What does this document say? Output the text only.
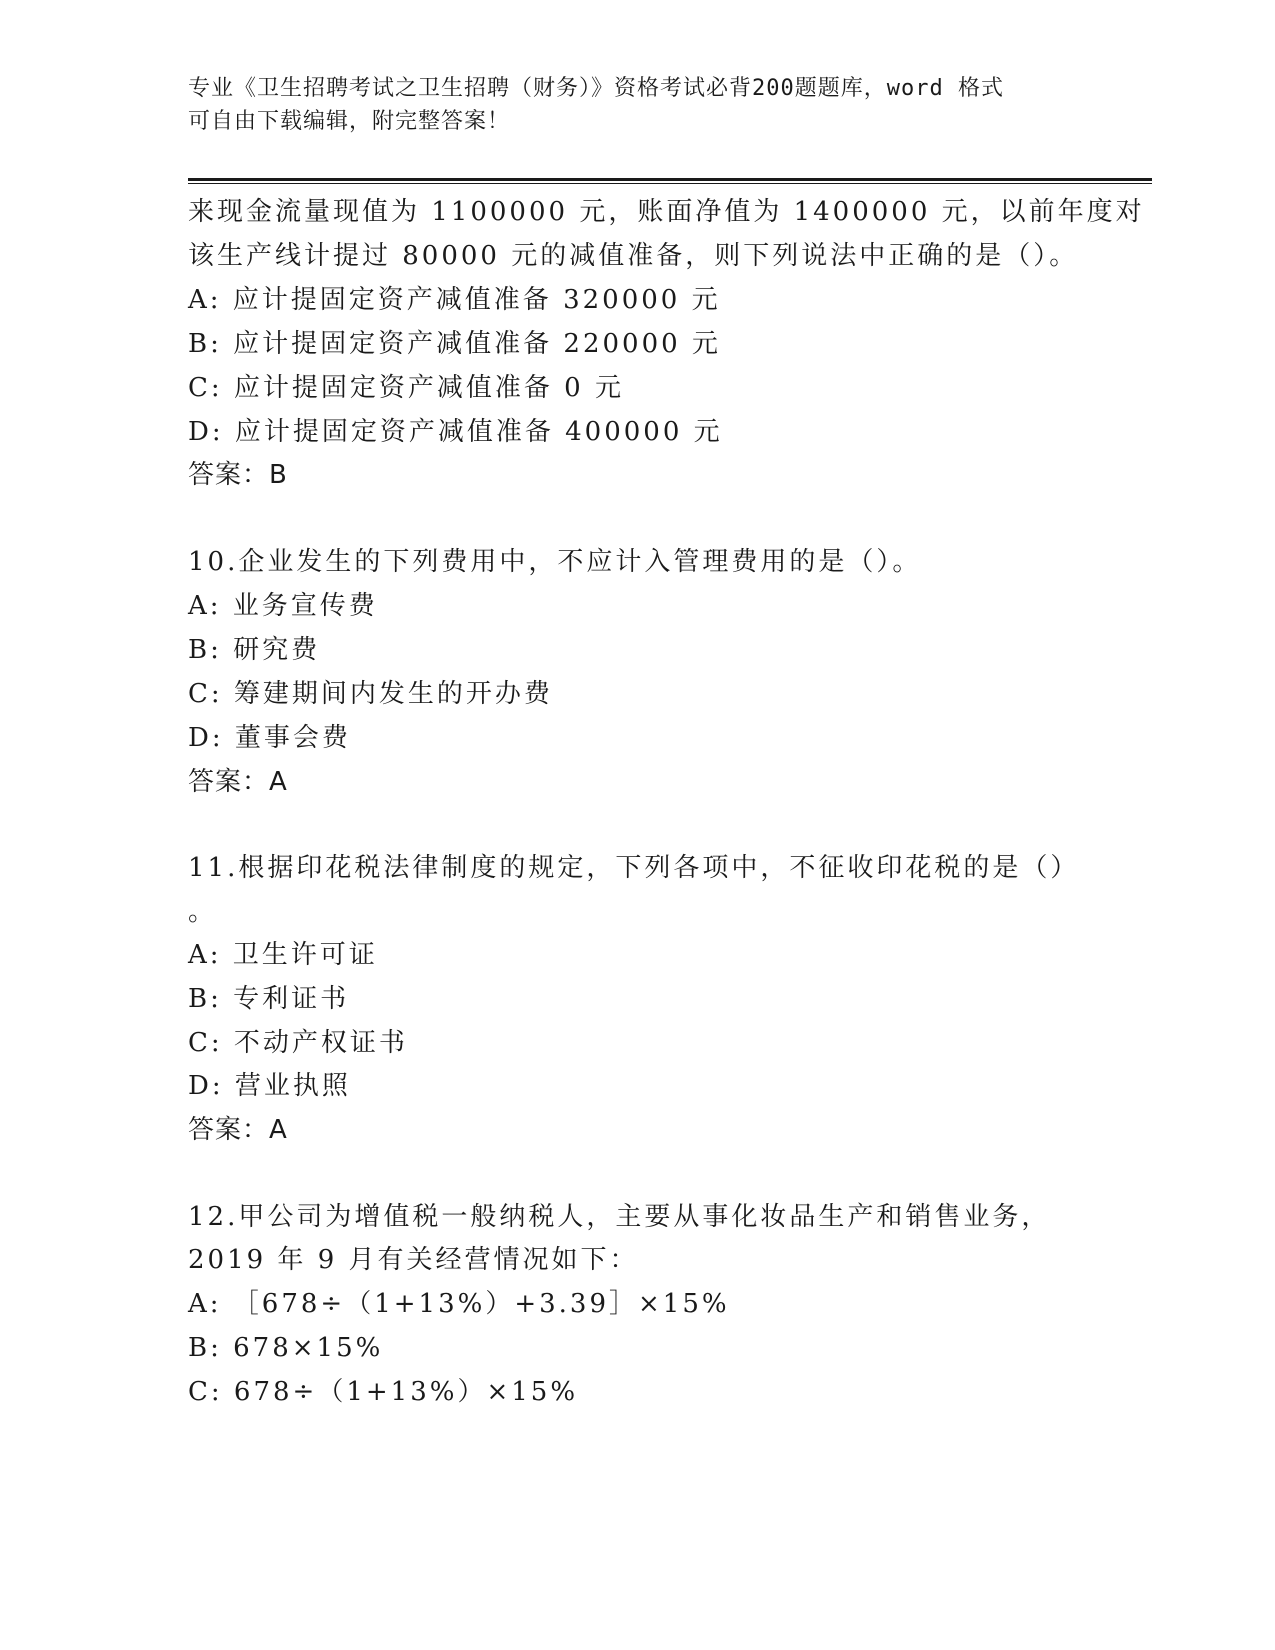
专业《卫生招聘考试之卫生招聘（财务）》资格考试必背200题题库，word 格式
可自由下载编辑，附完整答案！
来现金流量现值为 1100000 元，账面净值为 1400000 元，以前年度对
该生产线计提过 80000 元的减值准备，则下列说法中正确的是（）。
A: 应计提固定资产减值准备 320000 元
B: 应计提固定资产减值准备 220000 元
C: 应计提固定资产减值准备 0 元
D: 应计提固定资产减值准备 400000 元
答案：B
10.企业发生的下列费用中，不应计入管理费用的是（）。
A: 业务宣传费
B: 研究费
C: 筹建期间内发生的开办费
D: 董事会费
答案：A
11.根据印花税法律制度的规定，下列各项中，不征收印花税的是（）
。
A: 卫生许可证
B: 专利证书
C: 不动产权证书
D: 营业执照
答案：A
12.甲公司为增值税一般纳税人，主要从事化妆品生产和销售业务，
2019 年 9 月有关经营情况如下：
A: ［678÷（1+13%）+3.39］×15%
B: 678×15%
C: 678÷（1+13%）×15%
